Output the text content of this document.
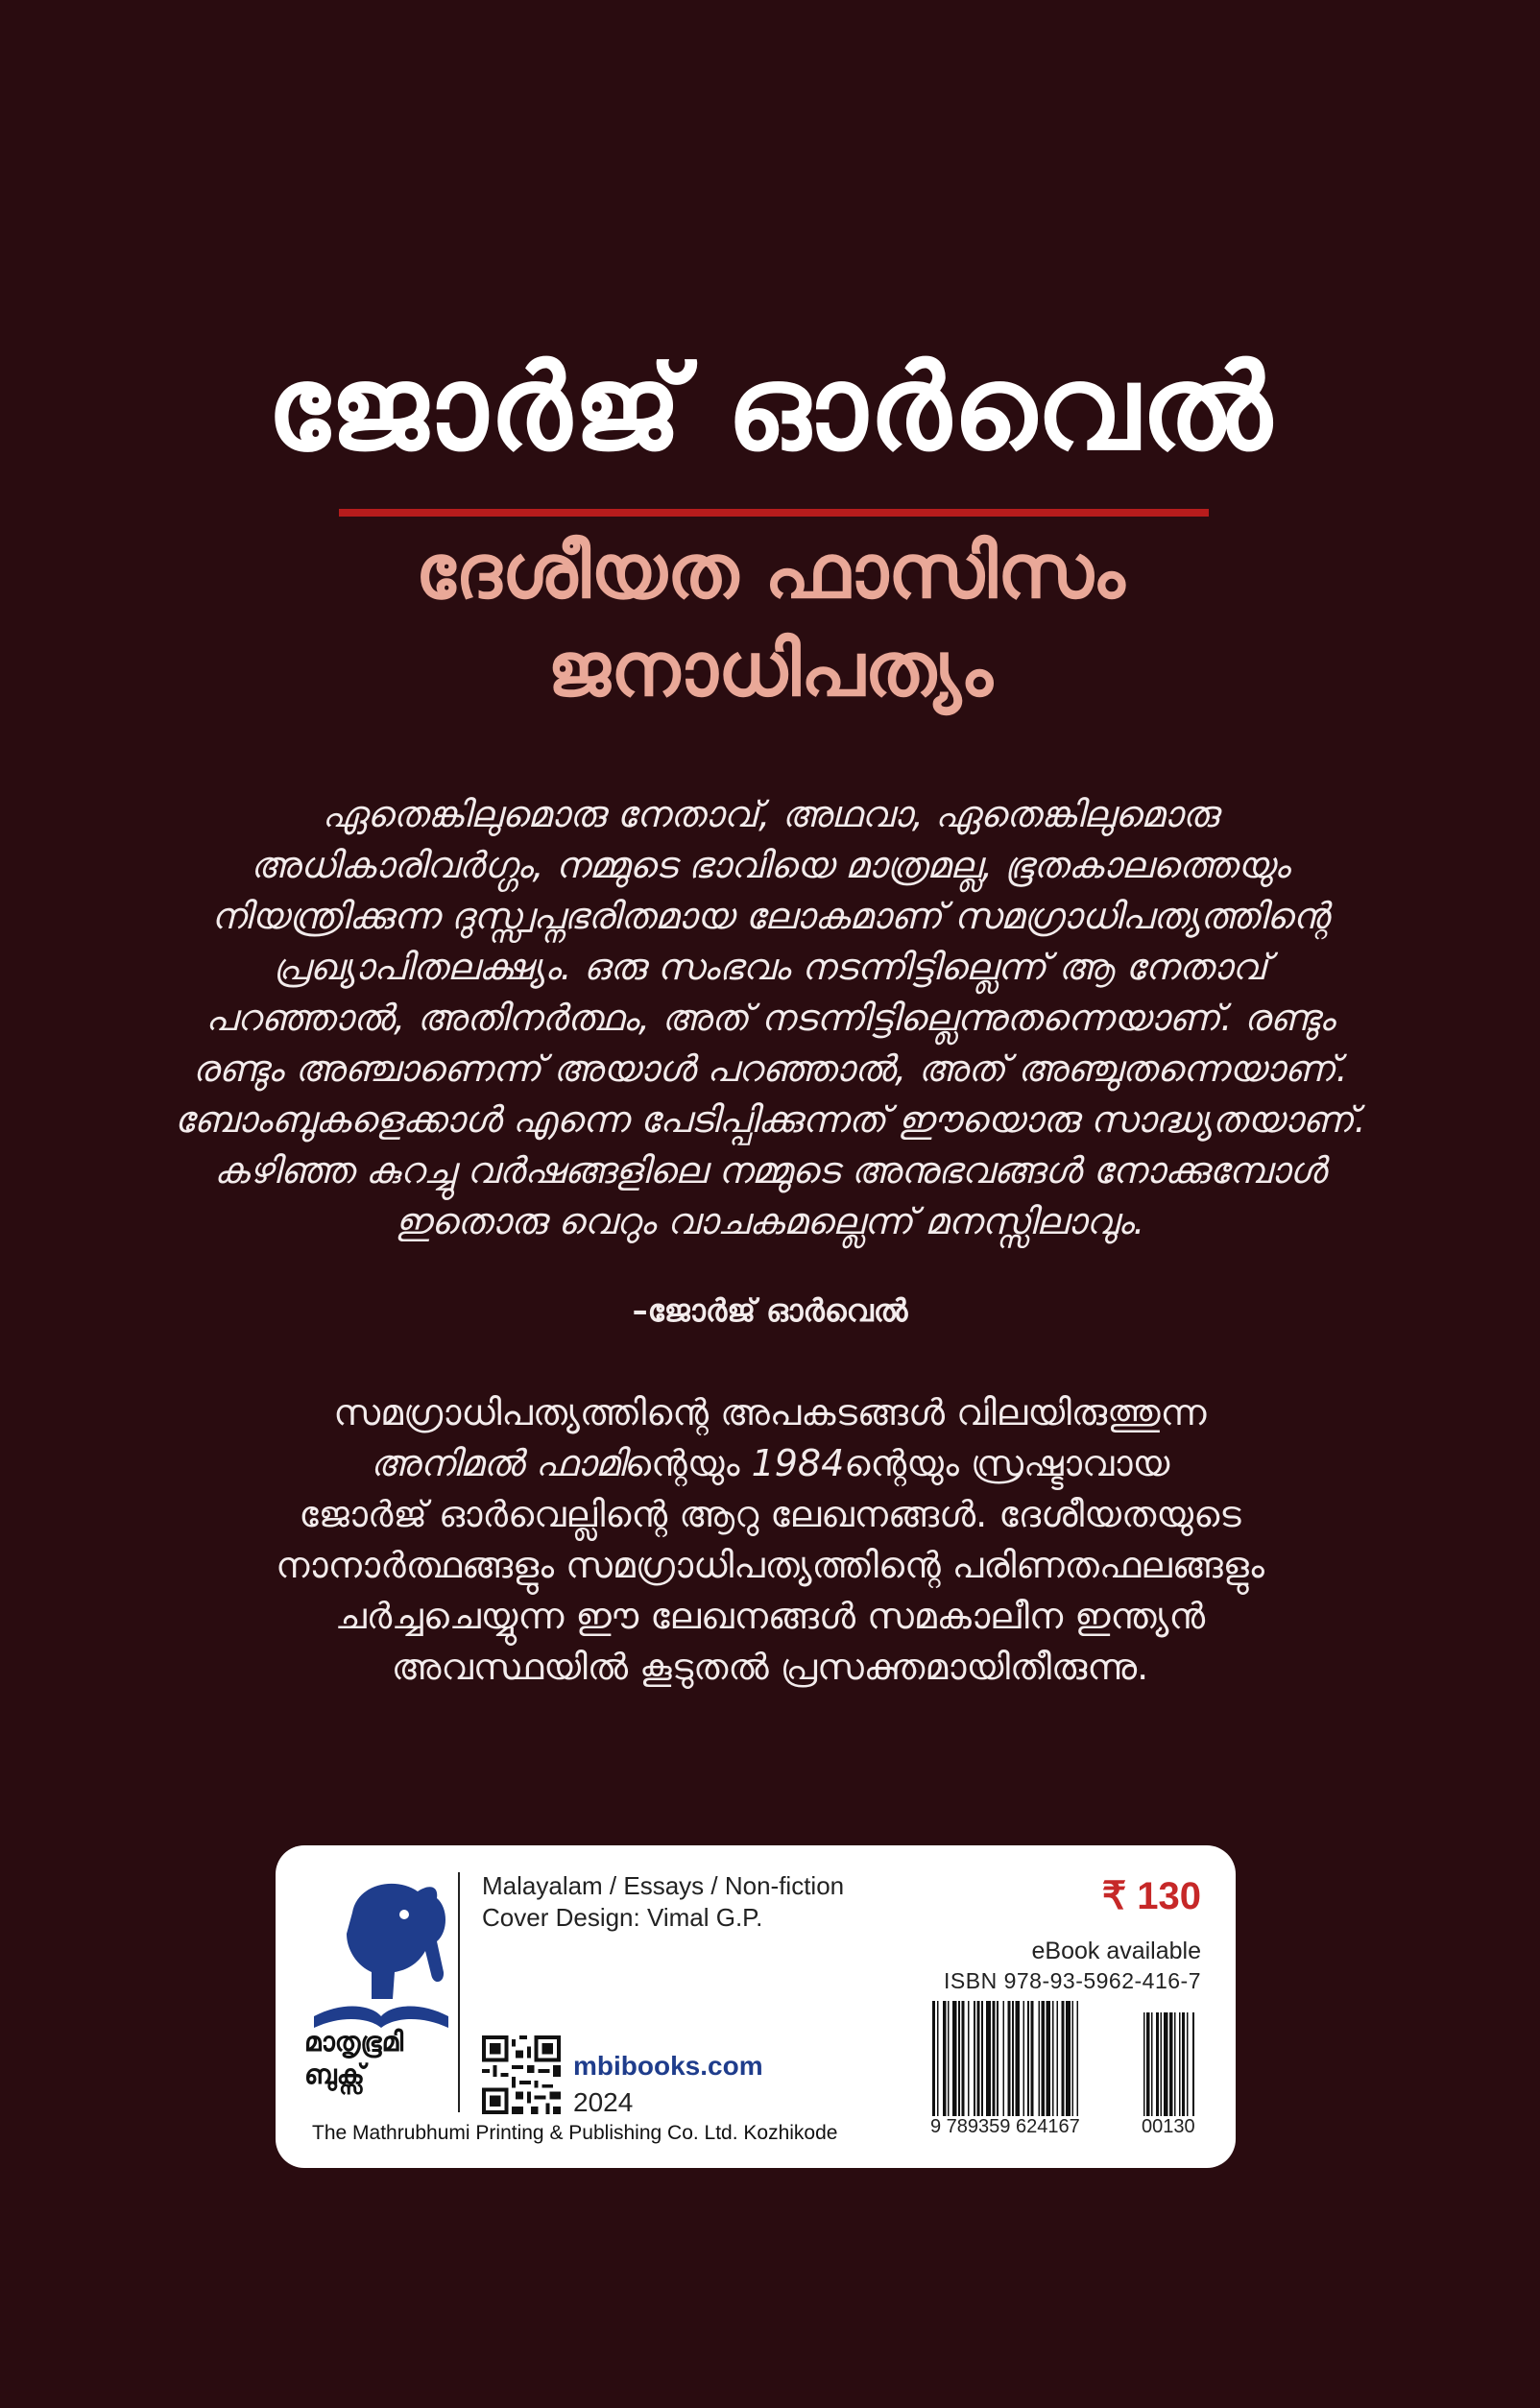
ജോർജ് ഓർവെൽ
ദേശീയത ഫാസിസം
ജനാധിപത്യം
ഏതെങ്കിലുമൊരു നേതാവ്, അഥവാ, ഏതെങ്കിലുമൊരു
അധികാരിവർഗ്ഗം, നമ്മുടെ ഭാവിയെ മാത്രമല്ല, ഭൂതകാലത്തെയും
നിയന്ത്രിക്കുന്ന ദുസ്സ്വപ്നഭരിതമായ ലോകമാണ് സമഗ്രാധിപത്യത്തിന്റെ
പ്രഖ്യാപിതലക്ഷ്യം. ഒരു സംഭവം നടന്നിട്ടില്ലെന്ന് ആ നേതാവ്
പറഞ്ഞാൽ, അതിനർത്ഥം, അത് നടന്നിട്ടില്ലെന്നുതന്നെയാണ്. രണ്ടും
രണ്ടും അഞ്ചാണെന്ന് അയാൾ പറഞ്ഞാൽ, അത് അഞ്ചുതന്നെയാണ്.
ബോംബുകളെക്കാൾ എന്നെ പേടിപ്പിക്കുന്നത് ഈയൊരു സാദ്ധ്യതയാണ്.
കഴിഞ്ഞ കുറച്ചു വർഷങ്ങളിലെ നമ്മുടെ അനുഭവങ്ങൾ നോക്കുമ്പോൾ
ഇതൊരു വെറും വാചകമല്ലെന്ന് മനസ്സിലാവും.
–ജോർജ് ഓർവെൽ
സമഗ്രാധിപത്യത്തിന്റെ അപകടങ്ങൾ വിലയിരുത്തുന്ന
അനിമൽ ഫാമിന്റെയും 1984ന്റെയും സ്രഷ്ടാവായ
ജോർജ് ഓർവെല്ലിന്റെ ആറു ലേഖനങ്ങൾ. ദേശീയതയുടെ
നാനാർത്ഥങ്ങളും സമഗ്രാധിപത്യത്തിന്റെ പരിണതഫലങ്ങളും
ചർച്ചചെയ്യുന്ന ഈ ലേഖനങ്ങൾ സമകാലീന ഇന്ത്യൻ
അവസ്ഥയിൽ കൂടുതൽ പ്രസക്തമായിതീരുന്നു.
മാതൃഭൂമി
ബുക്സ്
The Mathrubhumi Printing & Publishing Co. Ltd. Kozhikode
Malayalam / Essays / Non-fiction
Cover Design: Vimal G.P.
mbibooks.com
2024
₹ 130
eBook available
ISBN 978-93-5962-416-7
9 789359 624167	00130
